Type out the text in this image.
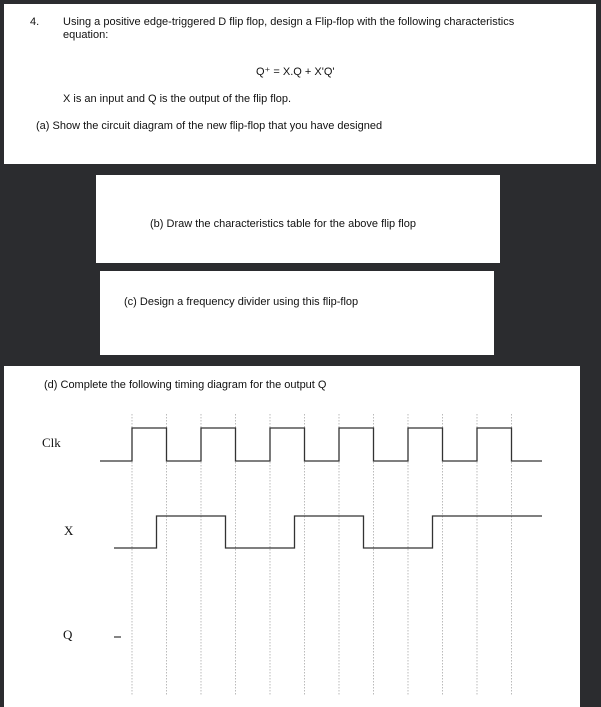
4. Using a positive edge-triggered D flip flop, design a Flip-flop with the following characteristics
equation:
Q⁺ = X.Q + X'Q'
X is an input and Q is the output of the flip flop.
(a) Show the circuit diagram of the new flip-flop that you have designed
(b) Draw the characteristics table for the above flip flop
(c) Design a frequency divider using this flip-flop
(d) Complete the following timing diagram for the output Q
Clk
X
Q
